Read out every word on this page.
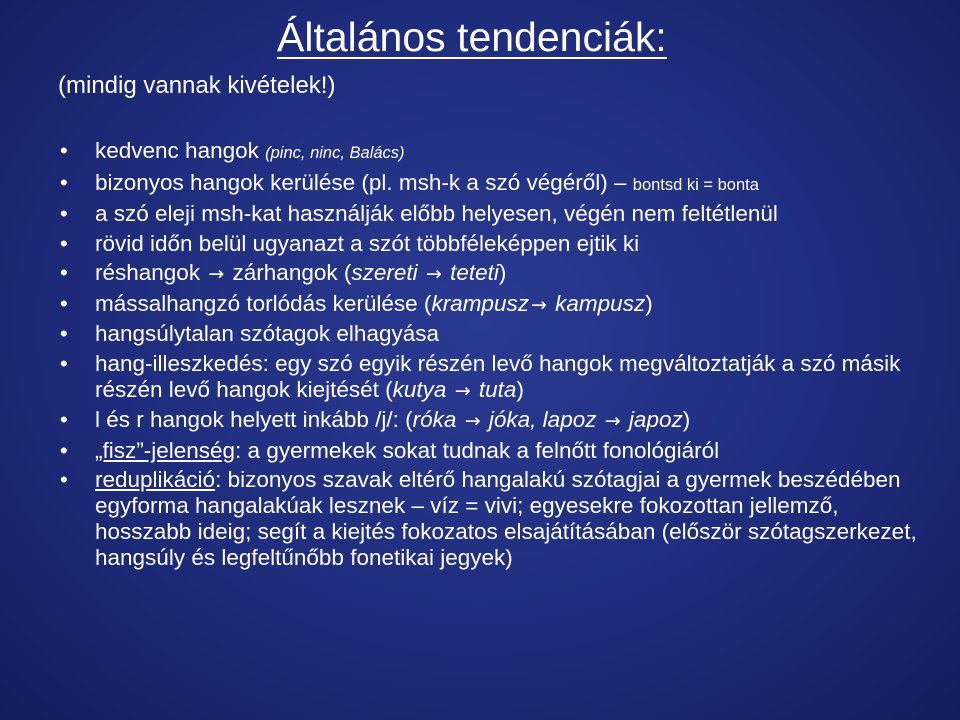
Általános tendenciák:
(mindig vannak kivételek!)
• kedvenc hangok (pinc, ninc, Balács)
• bizonyos hangok kerülése (pl. msh-k a szó végéről) – bontsd ki = bonta
• a szó eleji msh-kat használják előbb helyesen, végén nem feltétlenül
• rövid időn belül ugyanazt a szót többféleképpen ejtik ki
• réshangok → zárhangok (szereti → teteti)
• mássalhangzó torlódás kerülése (krampusz → kampusz)
• hangsúlytalan szótagok elhagyása
• hang-illeszkedés: egy szó egyik részén levő hangok megváltoztatják a szó másik részén levő hangok kiejtését (kutya → tuta)
• l és r hangok helyett inkább /j/: (róka → jóka, lapoz → japoz)
• „fisz”-jelenség: a gyermekek sokat tudnak a felnőtt fonológiáról
• reduplikáció: bizonyos szavak eltérő hangalakú szótagjai a gyermek beszédében egyforma hangalakúak lesznek – víz = vivi; egyesekre fokozottan jellemző, hosszabb ideig; segít a kiejtés fokozatos elsajátításában (először szótagszerkezet, hangsúly és legfeltűnőbb fonetikai jegyek)
